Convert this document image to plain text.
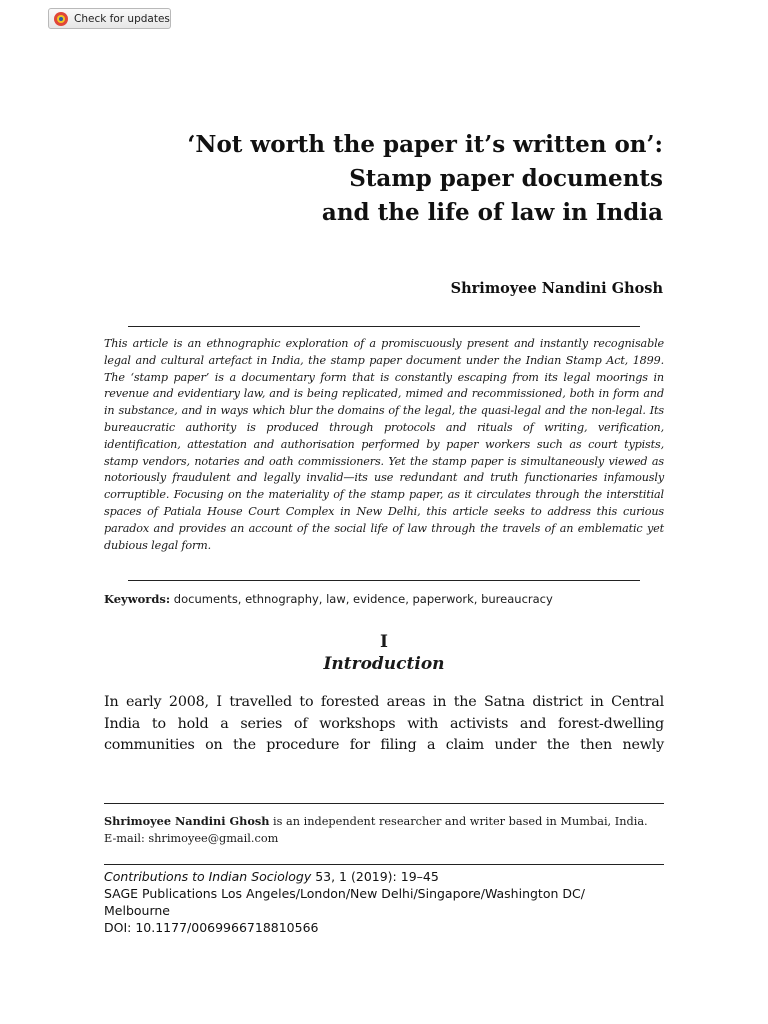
Check for updates
‘Not worth the paper it’s written on’:
Stamp paper documents
and the life of law in India
Shrimoyee Nandini Ghosh
This article is an ethnographic exploration of a promiscuously present and instantly recognisable legal and cultural artefact in India, the stamp paper document under the Indian Stamp Act, 1899. The ‘stamp paper’ is a documentary form that is constantly escaping from its legal moorings in revenue and evidentiary law, and is being replicated, mimed and recommissioned, both in form and in substance, and in ways which blur the domains of the legal, the quasi-legal and the non-legal. Its bureaucratic authority is produced through protocols and rituals of writing, verification, identification, attestation and authorisation performed by paper workers such as court typists, stamp vendors, notaries and oath commissioners. Yet the stamp paper is simultaneously viewed as notoriously fraudulent and legally invalid—its use redundant and truth functionaries infamously corruptible. Focusing on the materiality of the stamp paper, as it circulates through the interstitial spaces of Patiala House Court Complex in New Delhi, this article seeks to address this curious paradox and provides an account of the social life of law through the travels of an emblematic yet dubious legal form.
Keywords: documents, ethnography, law, evidence, paperwork, bureaucracy
I
Introduction
In early 2008, I travelled to forested areas in the Satna district in Central
India to hold a series of workshops with activists and forest-dwelling
communities on the procedure for filing a claim under the then newly
Shrimoyee Nandini Ghosh is an independent researcher and writer based in Mumbai, India.
E-mail: shrimoyee@gmail.com
Contributions to Indian Sociology 53, 1 (2019): 19–45
SAGE Publications Los Angeles/London/New Delhi/Singapore/Washington DC/
Melbourne
DOI: 10.1177/0069966718810566
